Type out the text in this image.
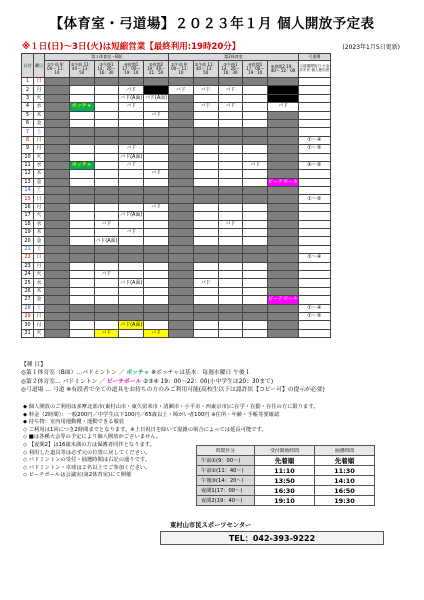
【体育室・弓道場】２０２３年１月 個人開放予定表
※１日(日)〜3日(火)は短縮営業【最終利用:19時20分】	(2023年1月5日更新)
日付	曜日	第１体育室・B面					第2体育室					弓道場
		①午前 9：00〜 11：10	②午前 11：40〜 13：50	③午後1 14：20〜 16：30	④夜間1 17：00〜 19：10	⑤夜間2 19：40〜 21：50	①午前 9：00〜 11：10	②午前 11：40〜 13：50	③午後1 14：20〜 16：30	④夜間1 17：00〜 19：10	⑤夜間2 19：40〜 22：00	弓道場開放日 小金井市民 個人使用者
1	日											
2	月				バド		バド	バド	バド			
3	火				バド(A面)	バド(A面)						
4	水		ボッチャ		バド			バド	バド		バド	
5	木					バド						
6	金											
7	土											
8	日											①〜④
9	月				バド							①〜⑤
10	火				バド(A面)							
11	水		ボッチャ		バド					バド		④〜⑤
12	木					バド						
13	金										ピーチボール	
14	土											
15	日											①〜⑤
16	月					バド						
17	火				バド(A面)							
18	水			バド					バド			
19	木				バド							
20	金			バド(A面)								
21	土											
22	日											①〜④
23	月											
24	火			バド								
25	水				バド(A面)			バド				
26	木											
27	金										ピーチボール	
28	土											①〜④
29	日											①〜⑤
30	月				バド(A面)							
31	火			バド		バド						
【種 目】
◎第１体育室（B面）…バドミントン ／ ボッチャ ※ボッチャは基本：毎週水曜日 午後１
◎第２体育室… バドミントン ／ ピーチボール ②③④ 19：00〜22：00(小中学生は20：30まで)
◎弓道場 … 弓道 ※有段者で全ての道具をお持ちの方のみご利用可能(高校生以下は認許状【コピー可】の提示が必要)
◆ 個人開放のご利用は多摩北部市(東村山市・東久留米市・清瀬市・小平市・西東京市)に在学・在勤・在住の方に限ります。
◆ 料金（2時間）：一般200円／中学生以下100円／65歳以上・障がい者100円 ※住所・年齢・手帳等要確認
◆ 持ち物：室内用運動靴・運動できる服装
◇ ご利用は1回につき2時間までとなります。※上日祝日を除いて混雑の場合によっては延長可能です。
◇ ■は各種大会等の予定により個人開放がございません。
◇ 【夜間2】は16歳未満の方は保護者同伴となります。
◇ 利用した道具等は必ず元の位置に戻してください。
◇ バドミントンの受付・抽選時間は右記の通りです。
◇ バドミントン・卓球は２名以上でご参加ください。
◇ ピーチボールは会議室(第2体育室)にて開催
時間区分	受付開始時間	抽選時間
午前①(9：00〜)	先着順	先着順
午前②(11：40〜)	11:10	11:30
午後③(14：20〜)	13:50	14:10
夜間1(17：00〜)	16:30	16:50
夜間2(19：40〜)	19:10	19:30
東村山市民スポーツセンター
TEL：042-393-9222
